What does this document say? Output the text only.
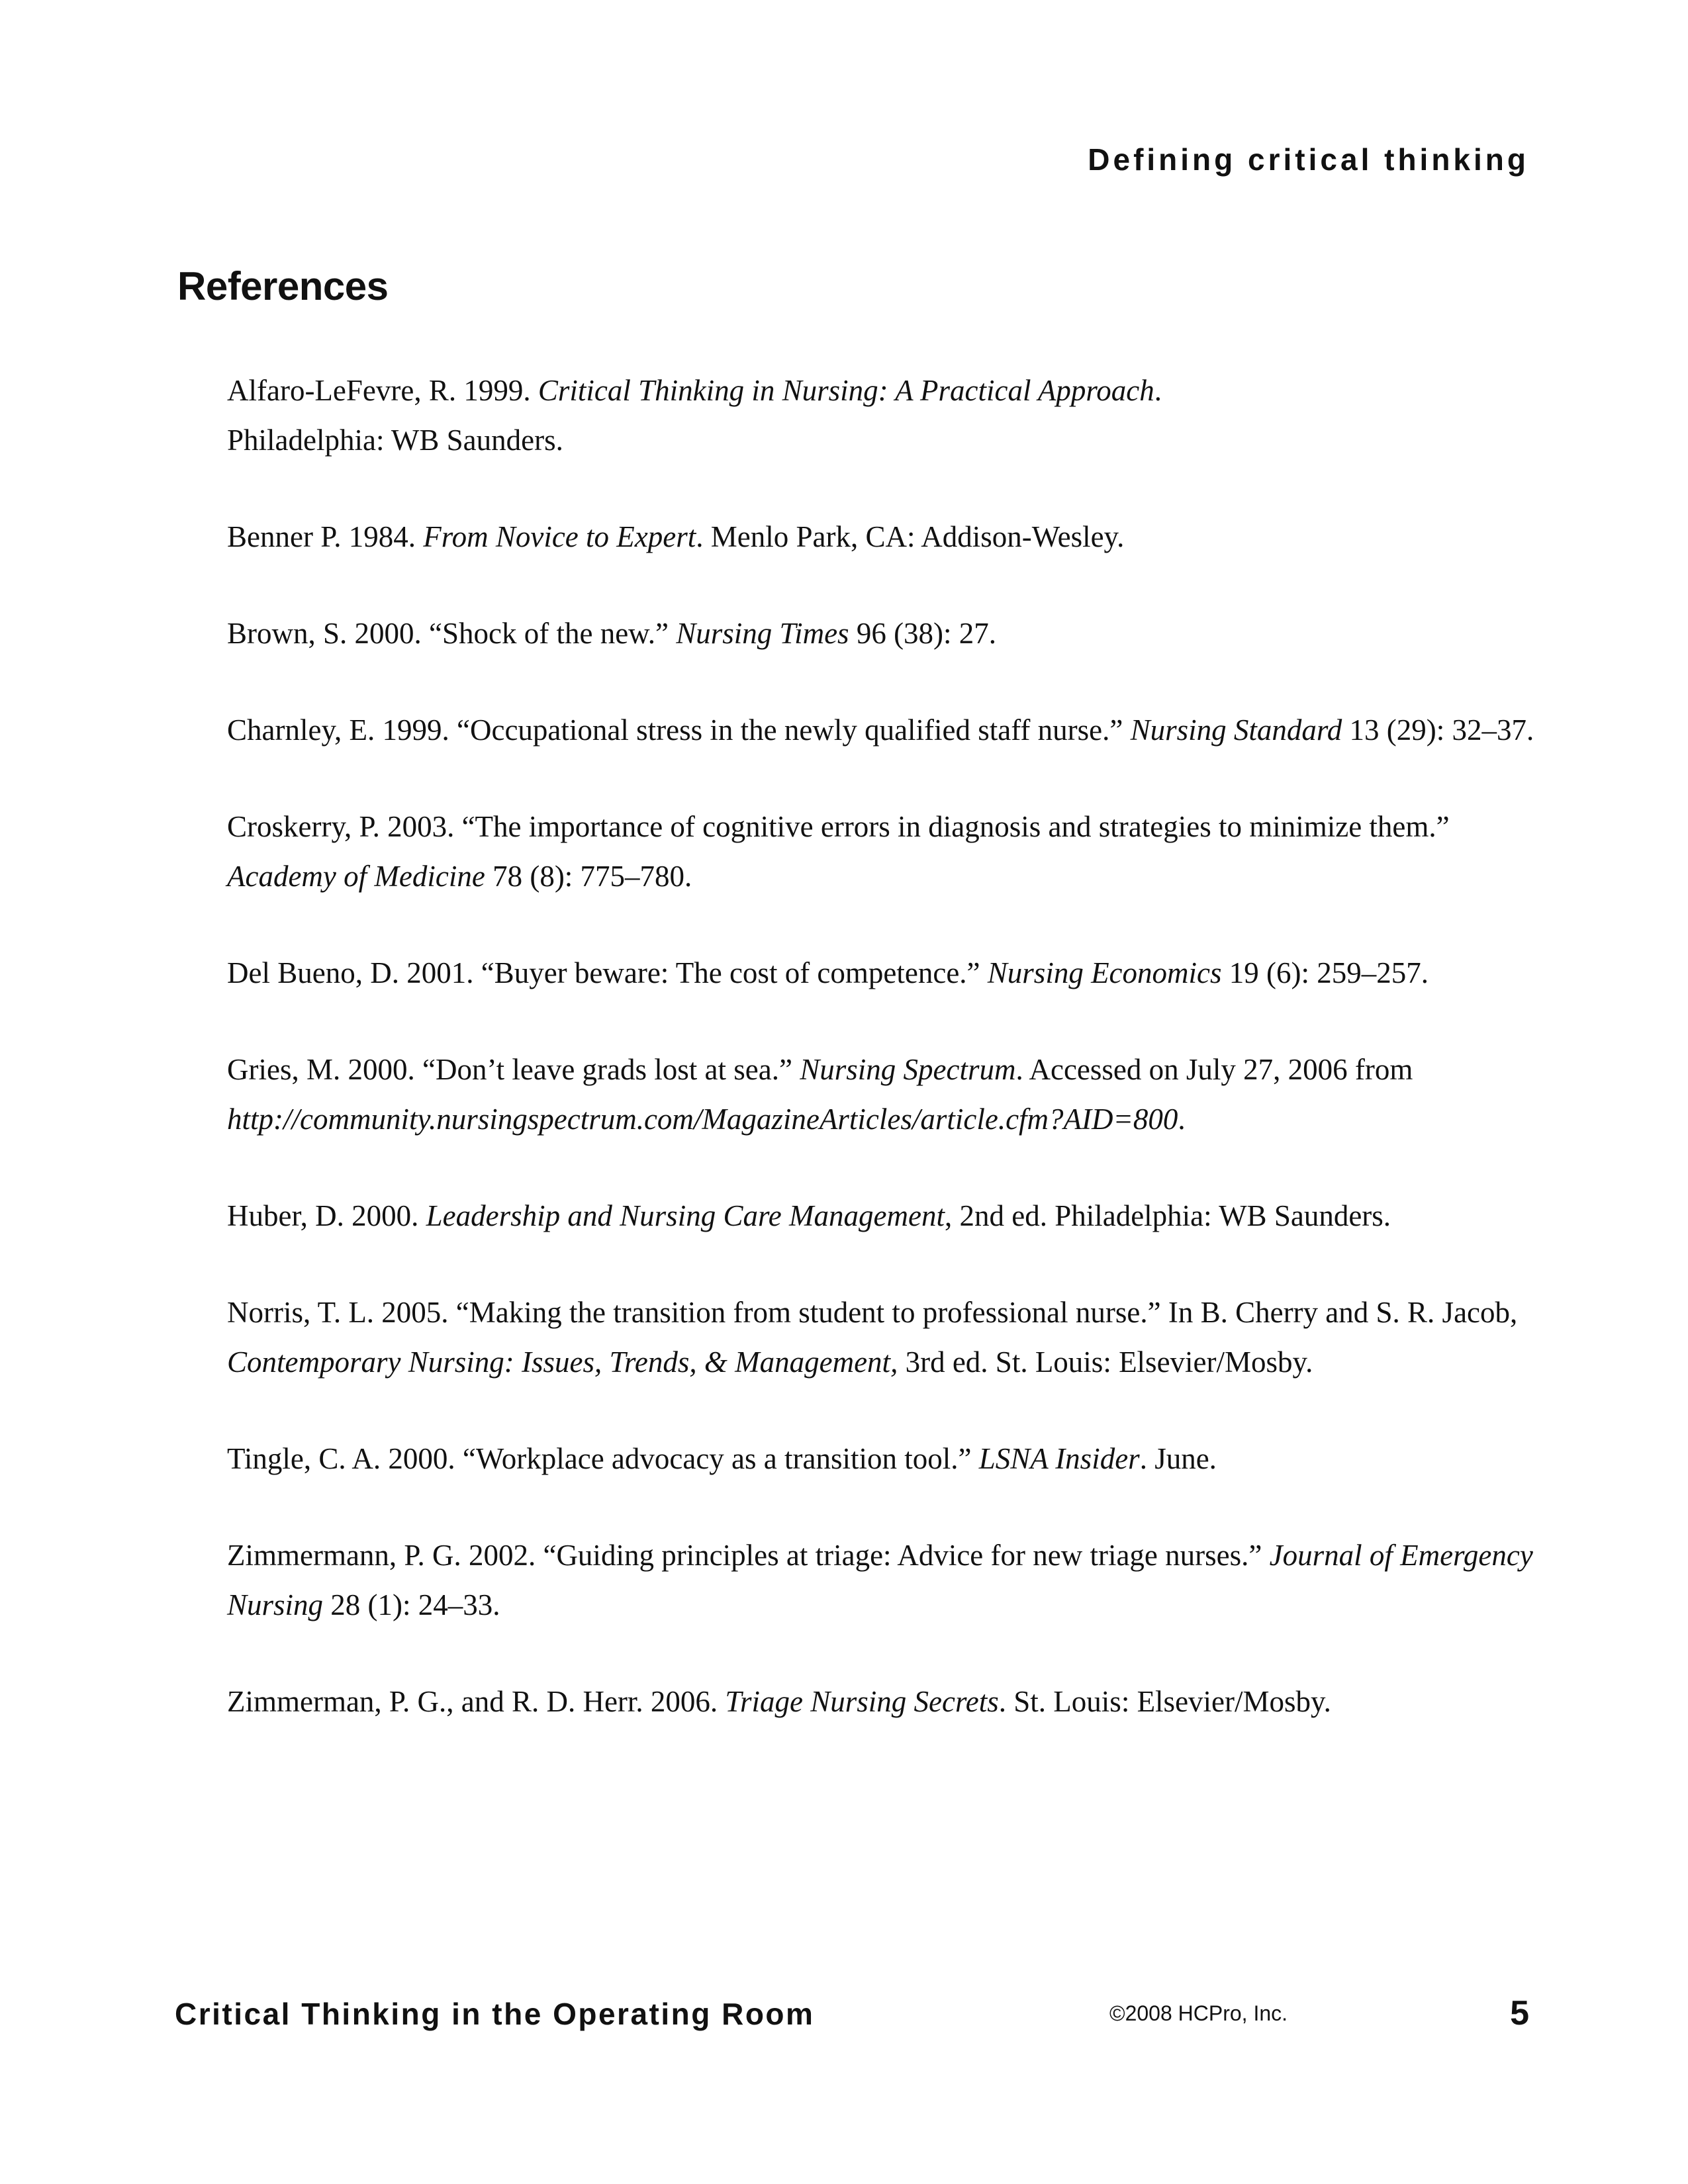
Defining critical thinking
References
Alfaro-LeFevre, R. 1999. Critical Thinking in Nursing: A Practical Approach.
Philadelphia: WB Saunders.
Benner P. 1984. From Novice to Expert. Menlo Park, CA: Addison-Wesley.
Brown, S. 2000. “Shock of the new.” Nursing Times 96 (38): 27.
Charnley, E. 1999. “Occupational stress in the newly qualified staff nurse.” Nursing Standard 13 (29): 32–37.
Croskerry, P. 2003. “The importance of cognitive errors in diagnosis and strategies to minimize them.” Academy of Medicine 78 (8): 775–780.
Del Bueno, D. 2001. “Buyer beware: The cost of competence.” Nursing Economics 19 (6): 259–257.
Gries, M. 2000. “Don’t leave grads lost at sea.” Nursing Spectrum. Accessed on July 27, 2006 from http://community.nursingspectrum.com/MagazineArticles/article.cfm?AID=800.
Huber, D. 2000. Leadership and Nursing Care Management, 2nd ed. Philadelphia: WB Saunders.
Norris, T. L. 2005. “Making the transition from student to professional nurse.” In B. Cherry and S. R. Jacob, Contemporary Nursing: Issues, Trends, & Management, 3rd ed. St. Louis: Elsevier/Mosby.
Tingle, C. A. 2000. “Workplace advocacy as a transition tool.” LSNA Insider. June.
Zimmermann, P. G. 2002. “Guiding principles at triage: Advice for new triage nurses.” Journal of Emergency Nursing 28 (1): 24–33.
Zimmerman, P. G., and R. D. Herr. 2006. Triage Nursing Secrets. St. Louis: Elsevier/Mosby.
Critical Thinking in the Operating Room	©2008 HCPro, Inc.	5
